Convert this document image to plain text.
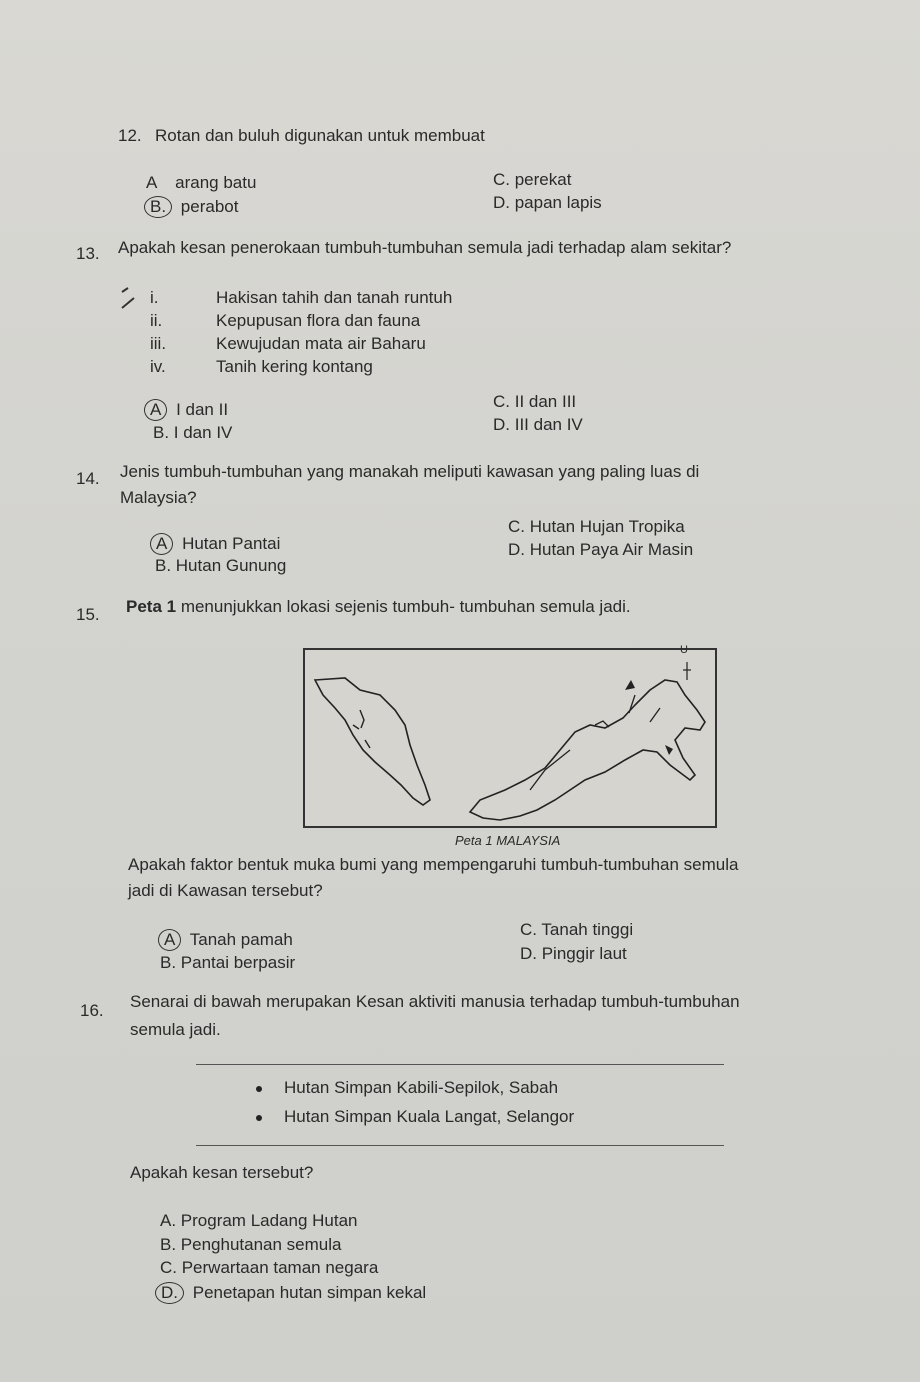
12. Rotan dan buluh digunakan untuk membuat
A arang batu
B. perabot
C. perekat
D. papan lapis
13. Apakah kesan penerokaan tumbuh-tumbuhan semula jadi terhadap alam sekitar?
i.	Hakisan tahih dan tanah runtuh
ii.	Kepupusan flora dan fauna
iii.	Kewujudan mata air Baharu
iv.	Tanih kering kontang
A I dan II
B. I dan IV
C. II dan III
D. III dan IV
14. Jenis tumbuh-tumbuhan yang manakah meliputi kawasan yang paling luas di
Malaysia?
A Hutan Pantai
B. Hutan Gunung
C. Hutan Hujan Tropika
D. Hutan Paya Air Masin
15. Peta 1 menunjukkan lokasi sejenis tumbuh- tumbuhan semula jadi.
U
Peta 1 MALAYSIA
Apakah faktor bentuk muka bumi yang mempengaruhi tumbuh-tumbuhan semula
jadi di Kawasan tersebut?
A Tanah pamah
B. Pantai berpasir
C. Tanah tinggi
D. Pinggir laut
16. Senarai di bawah merupakan Kesan aktiviti manusia terhadap tumbuh-tumbuhan
semula jadi.
Hutan Simpan Kabili-Sepilok, Sabah
Hutan Simpan Kuala Langat, Selangor
Apakah kesan tersebut?
A. Program Ladang Hutan
B. Penghutanan semula
C. Perwartaan taman negara
D. Penetapan hutan simpan kekal
